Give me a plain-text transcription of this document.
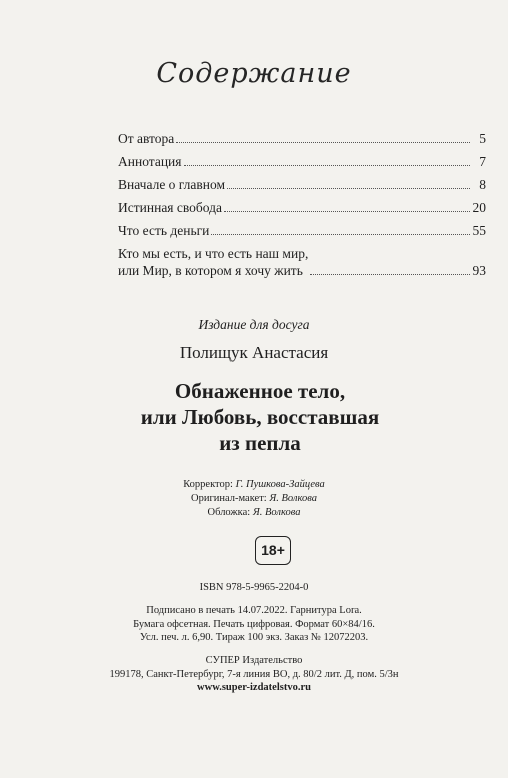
Содержание
От автора	5
Аннотация	7
Вначале о главном	8
Истинная свобода	20
Что есть деньги	55
Кто мы есть, и что есть наш мир,
или Мир, в котором я хочу жить	93
Издание для досуга
Полищук Анастасия
Обнаженное тело,
или Любовь, восставшая
из пепла
Корректор: Г. Пушкова-Зайцева
Оригинал-макет: Я. Волкова
Обложка: Я. Волкова
18+
ISBN 978-5-9965-2204-0
Подписано в печать 14.07.2022. Гарнитура Lora.
Бумага офсетная. Печать цифровая. Формат 60×84/16.
Усл. печ. л. 6,90. Тираж 100 экз. Заказ № 12072203.
СУПЕР Издательство
199178, Санкт-Петербург, 7-я линия ВО, д. 80/2 лит. Д, пом. 5/3н
www.super-izdatelstvo.ru
